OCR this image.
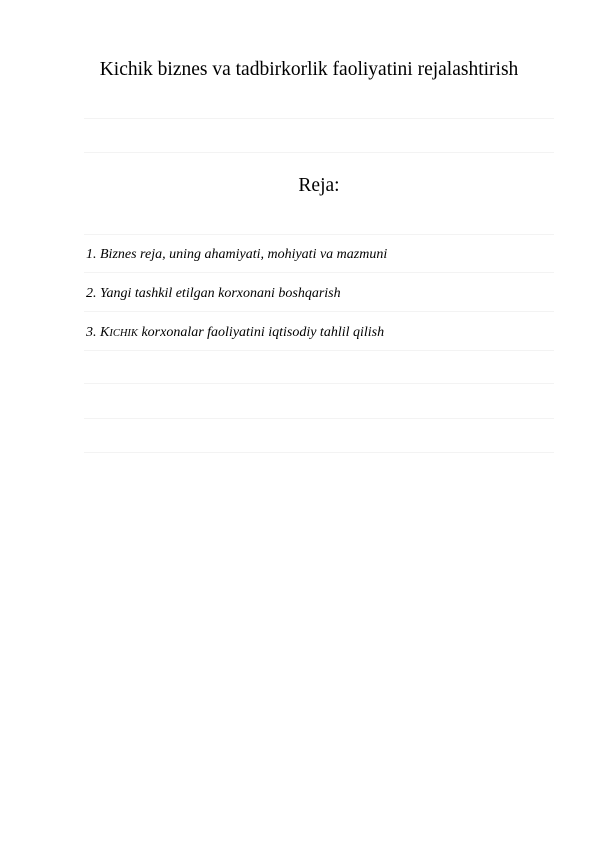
Kichik biznes va tadbirkorlik faoliyatini rejalashtirish
Reja:
1. Biznes reja, uning ahamiyati, mohiyati va mazmuni
2. Yangi tashkil etilgan korxonani boshqarish
3. KICHIK korxonalar faoliyatini iqtisodiy tahlil qilish
